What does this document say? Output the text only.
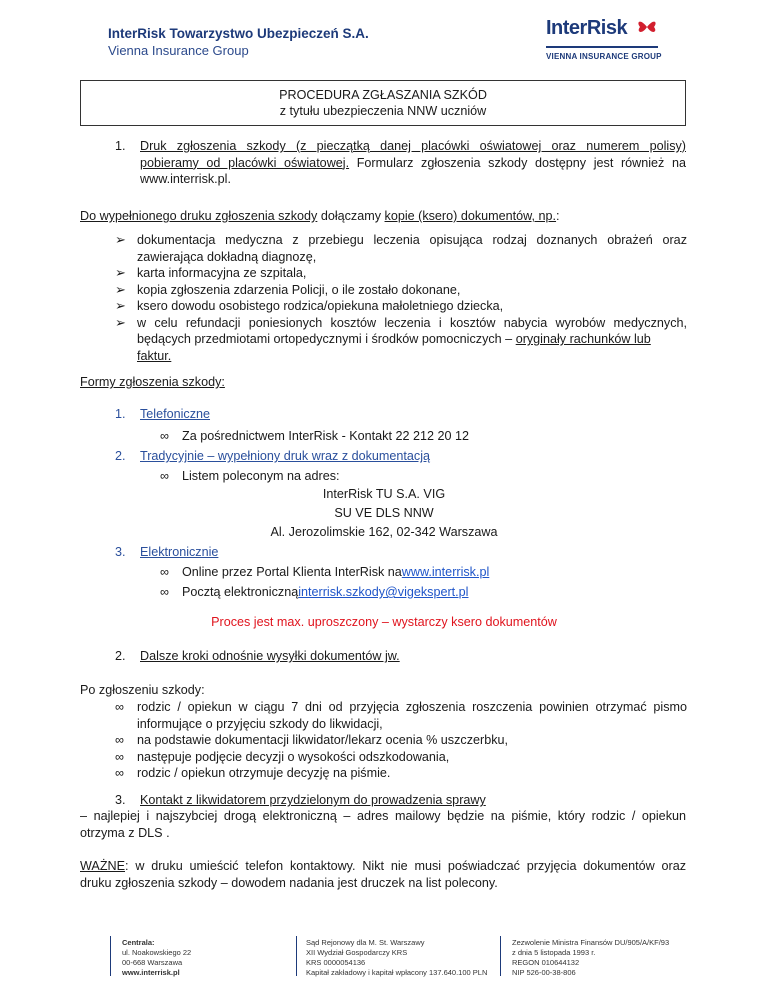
InterRisk Towarzystwo Ubezpieczeń S.A.
Vienna Insurance Group
InterRisk
VIENNA INSURANCE GROUP
PROCEDURA ZGŁASZANIA SZKÓD
z tytułu ubezpieczenia NNW uczniów
1. Druk zgłoszenia szkody (z pieczątką danej placówki oświatowej oraz numerem polisy)
pobieramy od placówki oświatowej. Formularz zgłoszenia szkody dostępny jest również na
www.interrisk.pl.
Do wypełnionego druku zgłoszenia szkody dołączamy kopie (ksero) dokumentów, np.:
➢ dokumentacja medyczna z przebiegu leczenia opisująca rodzaj doznanych obrażeń oraz
zawierająca dokładną diagnozę,
➢ karta informacyjna ze szpitala,
➢ kopia zgłoszenia zdarzenia Policji, o ile zostało dokonane,
➢ ksero dowodu osobistego rodzica/opiekuna małoletniego dziecka,
➢ w celu refundacji poniesionych kosztów leczenia i kosztów nabycia wyrobów medycznych,
będących przedmiotami ortopedycznymi i środków pomocniczych – oryginały rachunków lub
faktur.
Formy zgłoszenia szkody:
1. Telefoniczne
∞	Za pośrednictwem InterRisk - Kontakt 22 212 20 12
2. Tradycyjnie – wypełniony druk wraz z dokumentacją
∞	Listem poleconym na adres:
InterRisk TU S.A. VIG
SU VE DLS NNW
Al. Jerozolimskie 162, 02-342 Warszawa
3. Elektronicznie
∞	Online przez Portal Klienta InterRisk na www.interrisk.pl
∞	Pocztą elektroniczną interrisk.szkody@vigekspert.pl
Proces jest max. uproszczony – wystarczy ksero dokumentów
2. Dalsze kroki odnośnie wysyłki dokumentów jw.
Po zgłoszeniu szkody:
∞	rodzic / opiekun w ciągu 7 dni od przyjęcia zgłoszenia roszczenia powinien otrzymać pismo
informujące o przyjęciu szkody do likwidacji,
∞	na podstawie dokumentacji likwidator/lekarz ocenia % uszczerbku,
∞	następuje podjęcie decyzji o wysokości odszkodowania,
∞	rodzic / opiekun otrzymuje decyzję na piśmie.
3. Kontakt z likwidatorem przydzielonym do prowadzenia sprawy
– najlepiej i najszybciej drogą elektroniczną – adres mailowy będzie na piśmie, który rodzic / opiekun
otrzyma z DLS .
WAŻNE: w druku umieścić telefon kontaktowy. Nikt nie musi poświadczać przyjęcia dokumentów oraz
druku zgłoszenia szkody – dowodem nadania jest druczek na list polecony.
Centrala:
ul. Noakowskiego 22
00-668 Warszawa
www.interrisk.pl
Sąd Rejonowy dla M. St. Warszawy
XII Wydział Gospodarczy KRS
KRS 0000054136
Kapitał zakładowy i kapitał wpłacony 137.640.100 PLN
Zezwolenie Ministra Finansów DU/905/A/KF/93
z dnia 5 listopada 1993 r.
REGON 010644132
NIP 526-00-38-806
